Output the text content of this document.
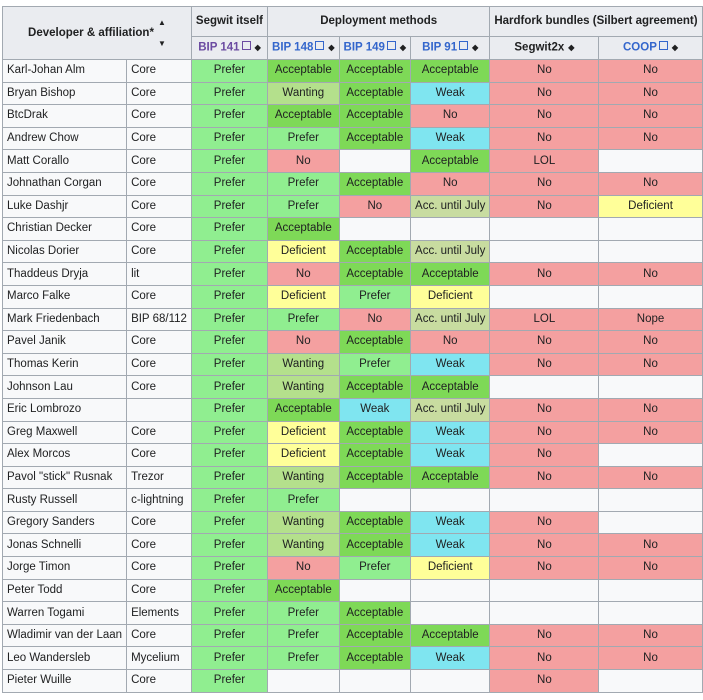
Developer & affiliation*▲
▼		Segwit itself	Deployment methods			Hardfork bundles (Silbert agreement)	
		BIP 141 ◆	BIP 148 ◆	BIP 149 ◆	BIP 91 ◆	Segwit2x ◆	COOP ◆
Karl-Johan Alm	Core	Prefer	Acceptable	Acceptable	Acceptable	No	No
Bryan Bishop	Core	Prefer	Wanting	Acceptable	Weak	No	No
BtcDrak	Core	Prefer	Acceptable	Acceptable	No	No	No
Andrew Chow	Core	Prefer	Prefer	Acceptable	Weak	No	No
Matt Corallo	Core	Prefer	No		Acceptable	LOL	
Johnathan Corgan	Core	Prefer	Prefer	Acceptable	No	No	No
Luke Dashjr	Core	Prefer	Prefer	No	Acc. until July	No	Deficient
Christian Decker	Core	Prefer	Acceptable				
Nicolas Dorier	Core	Prefer	Deficient	Acceptable	Acc. until July		
Thaddeus Dryja	lit	Prefer	No	Acceptable	Acceptable	No	No
Marco Falke	Core	Prefer	Deficient	Prefer	Deficient		
Mark Friedenbach	BIP 68/112	Prefer	Prefer	No	Acc. until July	LOL	Nope
Pavel Janik	Core	Prefer	No	Acceptable	No	No	No
Thomas Kerin	Core	Prefer	Wanting	Prefer	Weak	No	No
Johnson Lau	Core	Prefer	Wanting	Acceptable	Acceptable		
Eric Lombrozo		Prefer	Acceptable	Weak	Acc. until July	No	No
Greg Maxwell	Core	Prefer	Deficient	Acceptable	Weak	No	No
Alex Morcos	Core	Prefer	Deficient	Acceptable	Weak	No	
Pavol "stick" Rusnak	Trezor	Prefer	Wanting	Acceptable	Acceptable	No	No
Rusty Russell	c-lightning	Prefer	Prefer				
Gregory Sanders	Core	Prefer	Wanting	Acceptable	Weak	No	
Jonas Schnelli	Core	Prefer	Wanting	Acceptable	Weak	No	No
Jorge Timon	Core	Prefer	No	Prefer	Deficient	No	No
Peter Todd	Core	Prefer	Acceptable				
Warren Togami	Elements	Prefer	Prefer	Acceptable			
Wladimir van der Laan	Core	Prefer	Prefer	Acceptable	Acceptable	No	No
Leo Wandersleb	Mycelium	Prefer	Prefer	Acceptable	Weak	No	No
Pieter Wuille	Core	Prefer				No	
